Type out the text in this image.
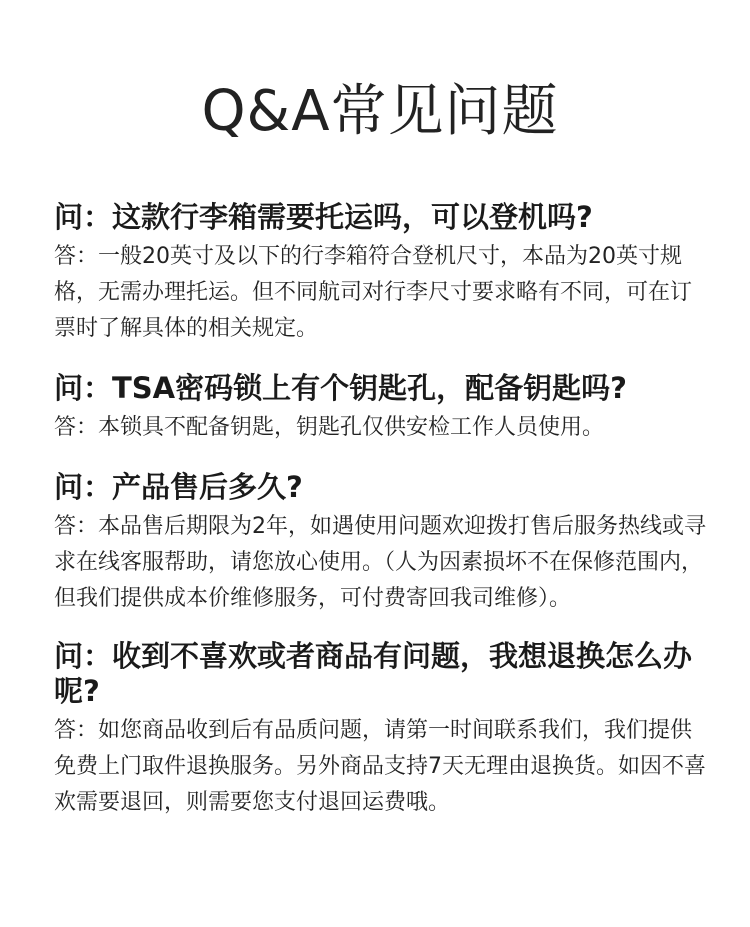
Q&A常见问题

问：这款行李箱需要托运吗，可以登机吗?

答：一般20英寸及以下的行李箱符合登机尺寸，本品为20英寸规格，无需办理托运。但不同航司对行李尺寸要求略有不同，可在订票时了解具体的相关规定。

问：TSA密码锁上有个钥匙孔，配备钥匙吗?

答：本锁具不配备钥匙，钥匙孔仅供安检工作人员使用。

问：产品售后多久?

答：本品售后期限为2年，如遇使用问题欢迎拨打售后服务热线或寻求在线客服帮助，请您放心使用。（人为因素损坏不在保修范围内，但我们提供成本价维修服务，可付费寄回我司维修）。

问：收到不喜欢或者商品有问题，我想退换怎么办呢?

答：如您商品收到后有品质问题，请第一时间联系我们，我们提供免费上门取件退换服务。另外商品支持7天无理由退换货。如因不喜欢需要退回，则需要您支付退回运费哦。
